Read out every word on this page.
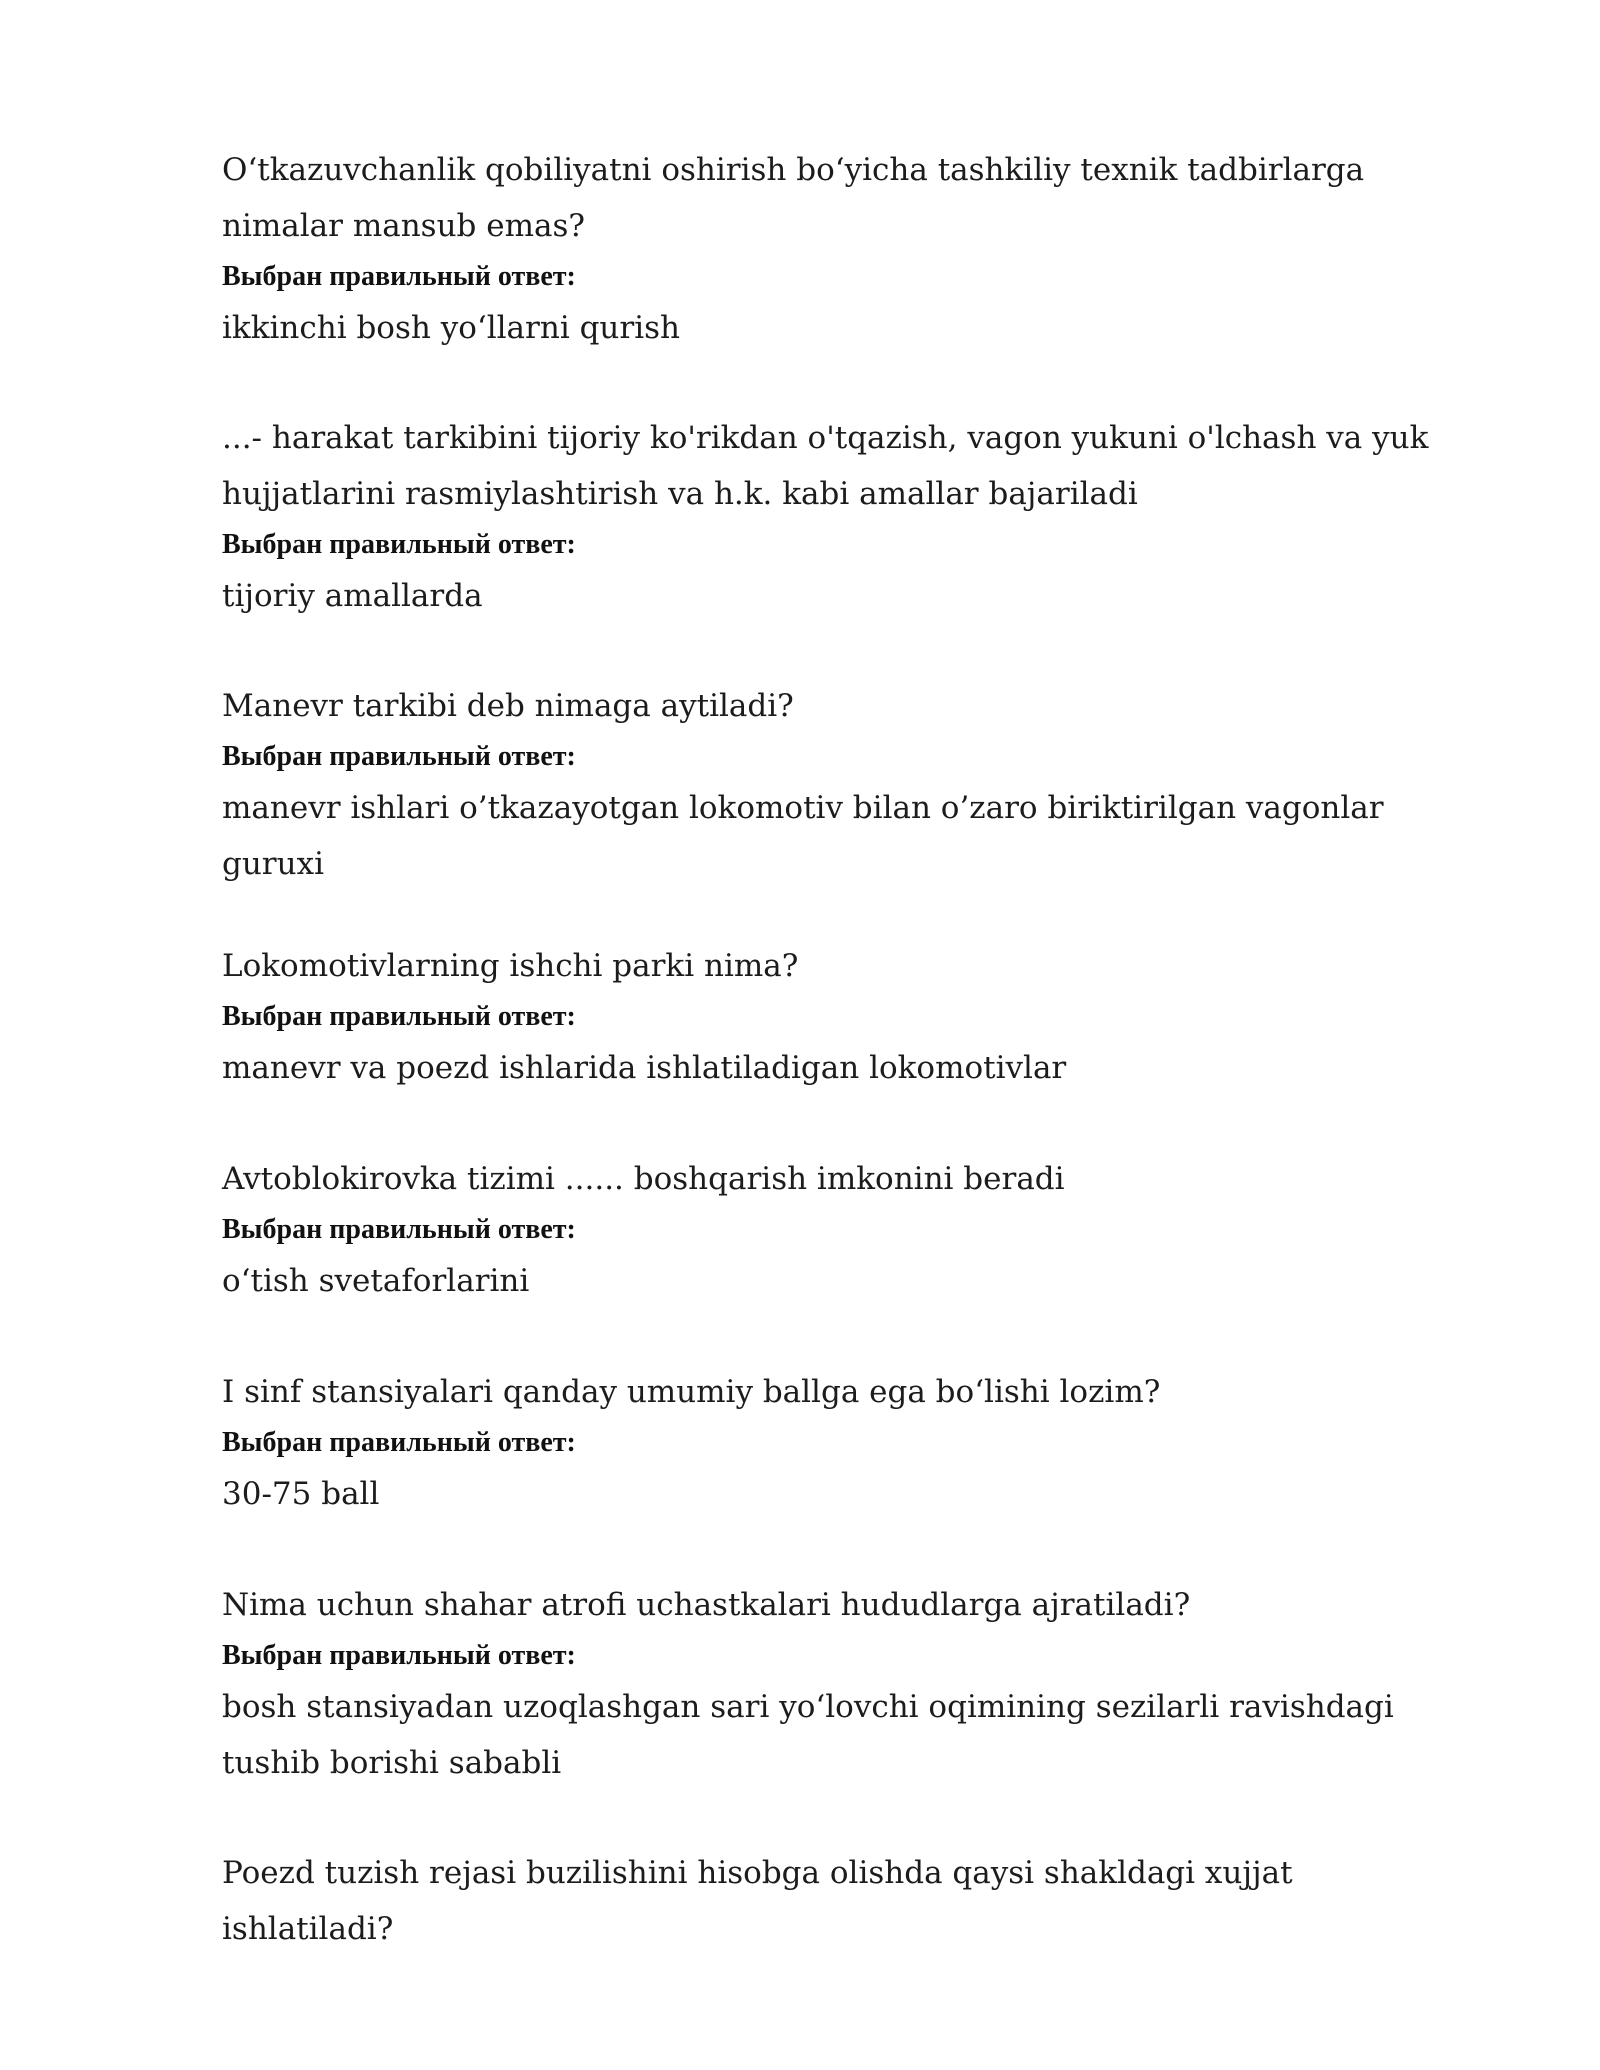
O‘tkazuvchanlik qobiliyatni oshirish bo‘yicha tashkiliy texnik tadbirlarga nimalar mansub emas?

Выбран правильный ответ:

ikkinchi bosh yo‘llarni qurish

...- harakat tarkibini tijoriy ko'rikdan o'tqazish, vagon yukuni o'lchash va yuk hujjatlarini rasmiylashtirish va h.k. kabi amallar bajariladi

Выбран правильный ответ:

tijoriy amallarda

Manevr tarkibi deb nimaga aytiladi?

Выбран правильный ответ:

manevr ishlari o’tkazayotgan lokomotiv bilan o’zaro biriktirilgan vagonlar guruxi

Lokomotivlarning ishchi parki nima?

Выбран правильный ответ:

manevr va poezd ishlarida ishlatiladigan lokomotivlar

Avtoblokirovka tizimi ...... boshqarish imkonini beradi

Выбран правильный ответ:

o‘tish svetaforlarini

I sinf stansiyalari qanday umumiy ballga ega bo‘lishi lozim?

Выбран правильный ответ:

30-75 ball

Nima uchun shahar atrofi uchastkalari hududlarga ajratiladi?

Выбран правильный ответ:

bosh stansiyadan uzoqlashgan sari yo‘lovchi oqimining sezilarli ravishdagi tushib borishi sababli

Poezd tuzish rejasi buzilishini hisobga olishda qaysi shakldagi xujjat ishlatiladi?
